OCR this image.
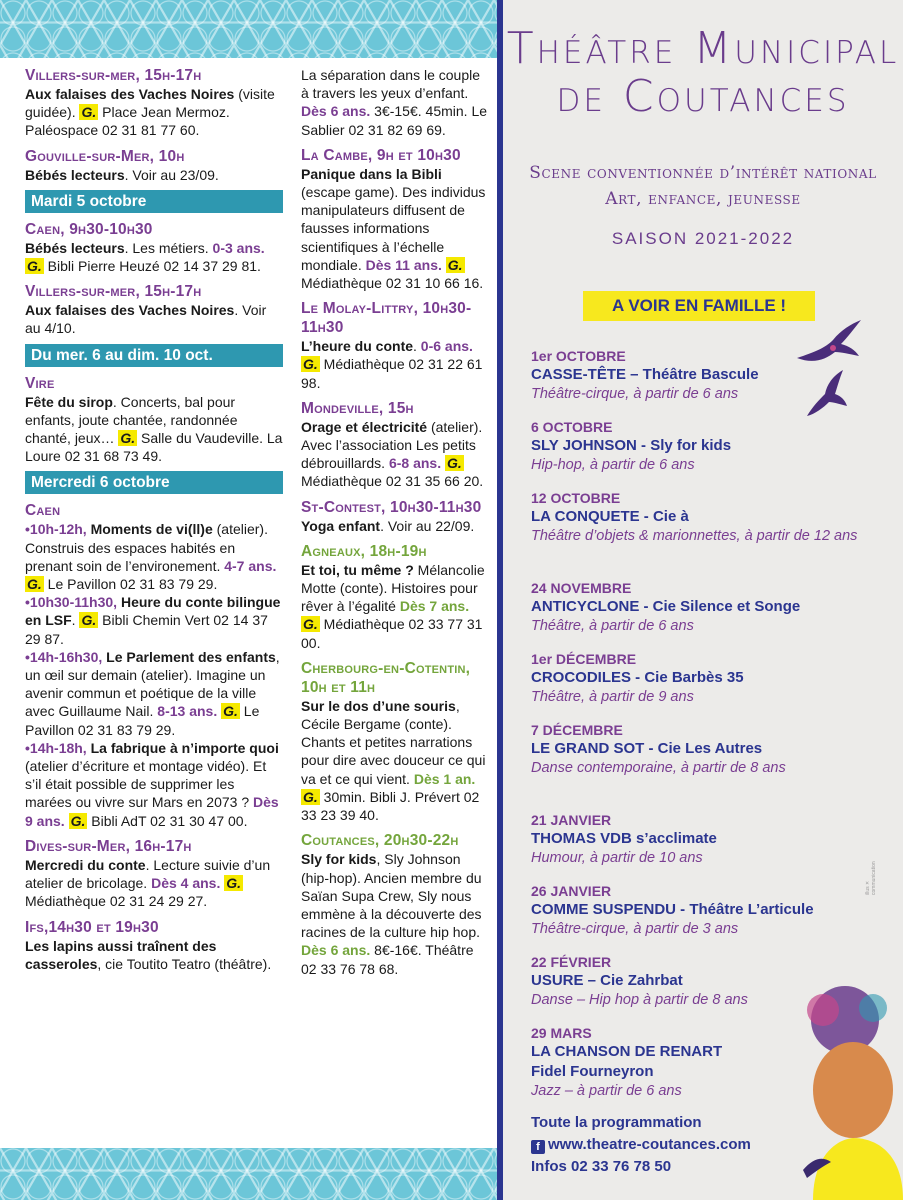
Villers-sur-mer, 15h-17h

Aux falaises des Vaches Noires (visite guidée). G. Place Jean Mermoz. Paléospace 02 31 81 77 60.

Gouville-sur-Mer, 10h

Bébés lecteurs. Voir au 23/09.

Mardi 5 octobre
Caen, 9h30-10h30

Bébés lecteurs. Les métiers. 0-3 ans. G. Bibli Pierre Heuzé 02 14 37 29 81.

Villers-sur-mer, 15h-17h

Aux falaises des Vaches Noires. Voir au 4/10.

Du mer. 6 au dim. 10 oct.
Vire

Fête du sirop. Concerts, bal pour enfants, joute chantée, randonnée chanté, jeux… G. Salle du Vaudeville. La Loure 02 31 68 73 49.

Mercredi 6 octobre
Caen

•10h-12h, Moments de vi(ll)e (atelier). Construis des espaces habités en prenant soin de l’environement. 4-7 ans. G. Le Pavillon 02 31 83 79 29.

•10h30-11h30, Heure du conte bilingue en LSF. G. Bibli Chemin Vert 02 14 37 29 87.

•14h-16h30, Le Parlement des enfants, un œil sur demain (atelier). Imagine un avenir commun et poétique de la ville avec Guillaume Nail. 8-13 ans. G. Le Pavillon 02 31 83 79 29.

•14h-18h, La fabrique à n’importe quoi (atelier d’écriture et montage vidéo). Et s’il était possible de supprimer les marées ou vivre sur Mars en 2073 ? Dès 9 ans. G. Bibli AdT 02 31 30 47 00.

Dives-sur-Mer, 16h-17h

Mercredi du conte. Lecture suivie d’un atelier de bricolage. Dès 4 ans. G. Médiathèque 02 31 24 29 27.

Ifs,14h30 et 19h30

Les lapins aussi traînent des casseroles, cie Toutito Teatro (théâtre).

La séparation dans le couple à travers les yeux d’enfant. Dès 6 ans. 3€-15€. 45min. Le Sablier 02 31 82 69 69.

La Cambe, 9h et 10h30

Panique dans la Bibli (escape game). Des individus manipulateurs diffusent de fausses informations scientifiques à l’échelle mondiale. Dès 11 ans. G. Médiathèque 02 31 10 66 16.

Le Molay-Littry, 10h30-11h30

L’heure du conte. 0-6 ans. G. Médiathèque 02 31 22 61 98.

Mondeville, 15h

Orage et électricité (atelier). Avec l’association Les petits débrouillards. 6-8 ans. G. Médiathèque 02 31 35 66 20.

St-Contest, 10h30-11h30

Yoga enfant. Voir au 22/09.

Agneaux, 18h-19h

Et toi, tu même ? Mélancolie Motte (conte). Histoires pour rêver à l’égalité Dès 7 ans. G. Médiathèque 02 33 77 31 00.

Cherbourg-en-Cotentin, 10h et 11h

Sur le dos d’une souris, Cécile Bergame (conte). Chants et petites narrations pour dire avec douceur ce qui va et ce qui vient. Dès 1 an. G. 30min. Bibli J. Prévert 02 33 23 39 40.

Coutances, 20h30-22h

Sly for kids, Sly Johnson (hip-hop). Ancien membre du Saïan Supa Crew, Sly nous emmène à la découverte des racines de la culture hip hop. Dès 6 ans. 8€-16€. Théâtre 02 33 76 78 68.

Théâtre Municipal
de Coutances
Scene conventionnée d’intérêt national
Art, enfance, jeunesse
SAISON 2021-2022
A VOIR EN FAMILLE !
1er OCTOBRE
CASSE-TÊTE – Théâtre Bascule
Théâtre-cirque, à partir de 6 ans
6 OCTOBRE
SLY JOHNSON - Sly for kids
Hip-hop, à partir de 6 ans
12 OCTOBRE
LA CONQUETE - Cie à
Théâtre d’objets & marionnettes, à partir de 12 ans
24 NOVEMBRE
ANTICYCLONE - Cie Silence et Songe
Théâtre, à partir de 6 ans
1er DÉCEMBRE
CROCODILES - Cie Barbès 35
Théâtre, à partir de 9 ans
7 DÉCEMBRE
LE GRAND SOT - Cie Les Autres
Danse contemporaine, à partir de 8 ans
21 JANVIER
THOMAS VDB s’acclimate
Humour, à partir de 10 ans
26 JANVIER
COMME SUSPENDU - Théâtre L’articule
Théâtre-cirque, à partir de 3 ans
22 FÉVRIER
USURE – Cie Zahrbat
Danse – Hip hop à partir de 8 ans
29 MARS
LA CHANSON DE RENART
Fidel Fourneyron
Jazz – à partir de 6 ans
Toute la programmation
f www.theatre-coutances.com
Infos 02 33 76 78 50
illus ✕ communication
